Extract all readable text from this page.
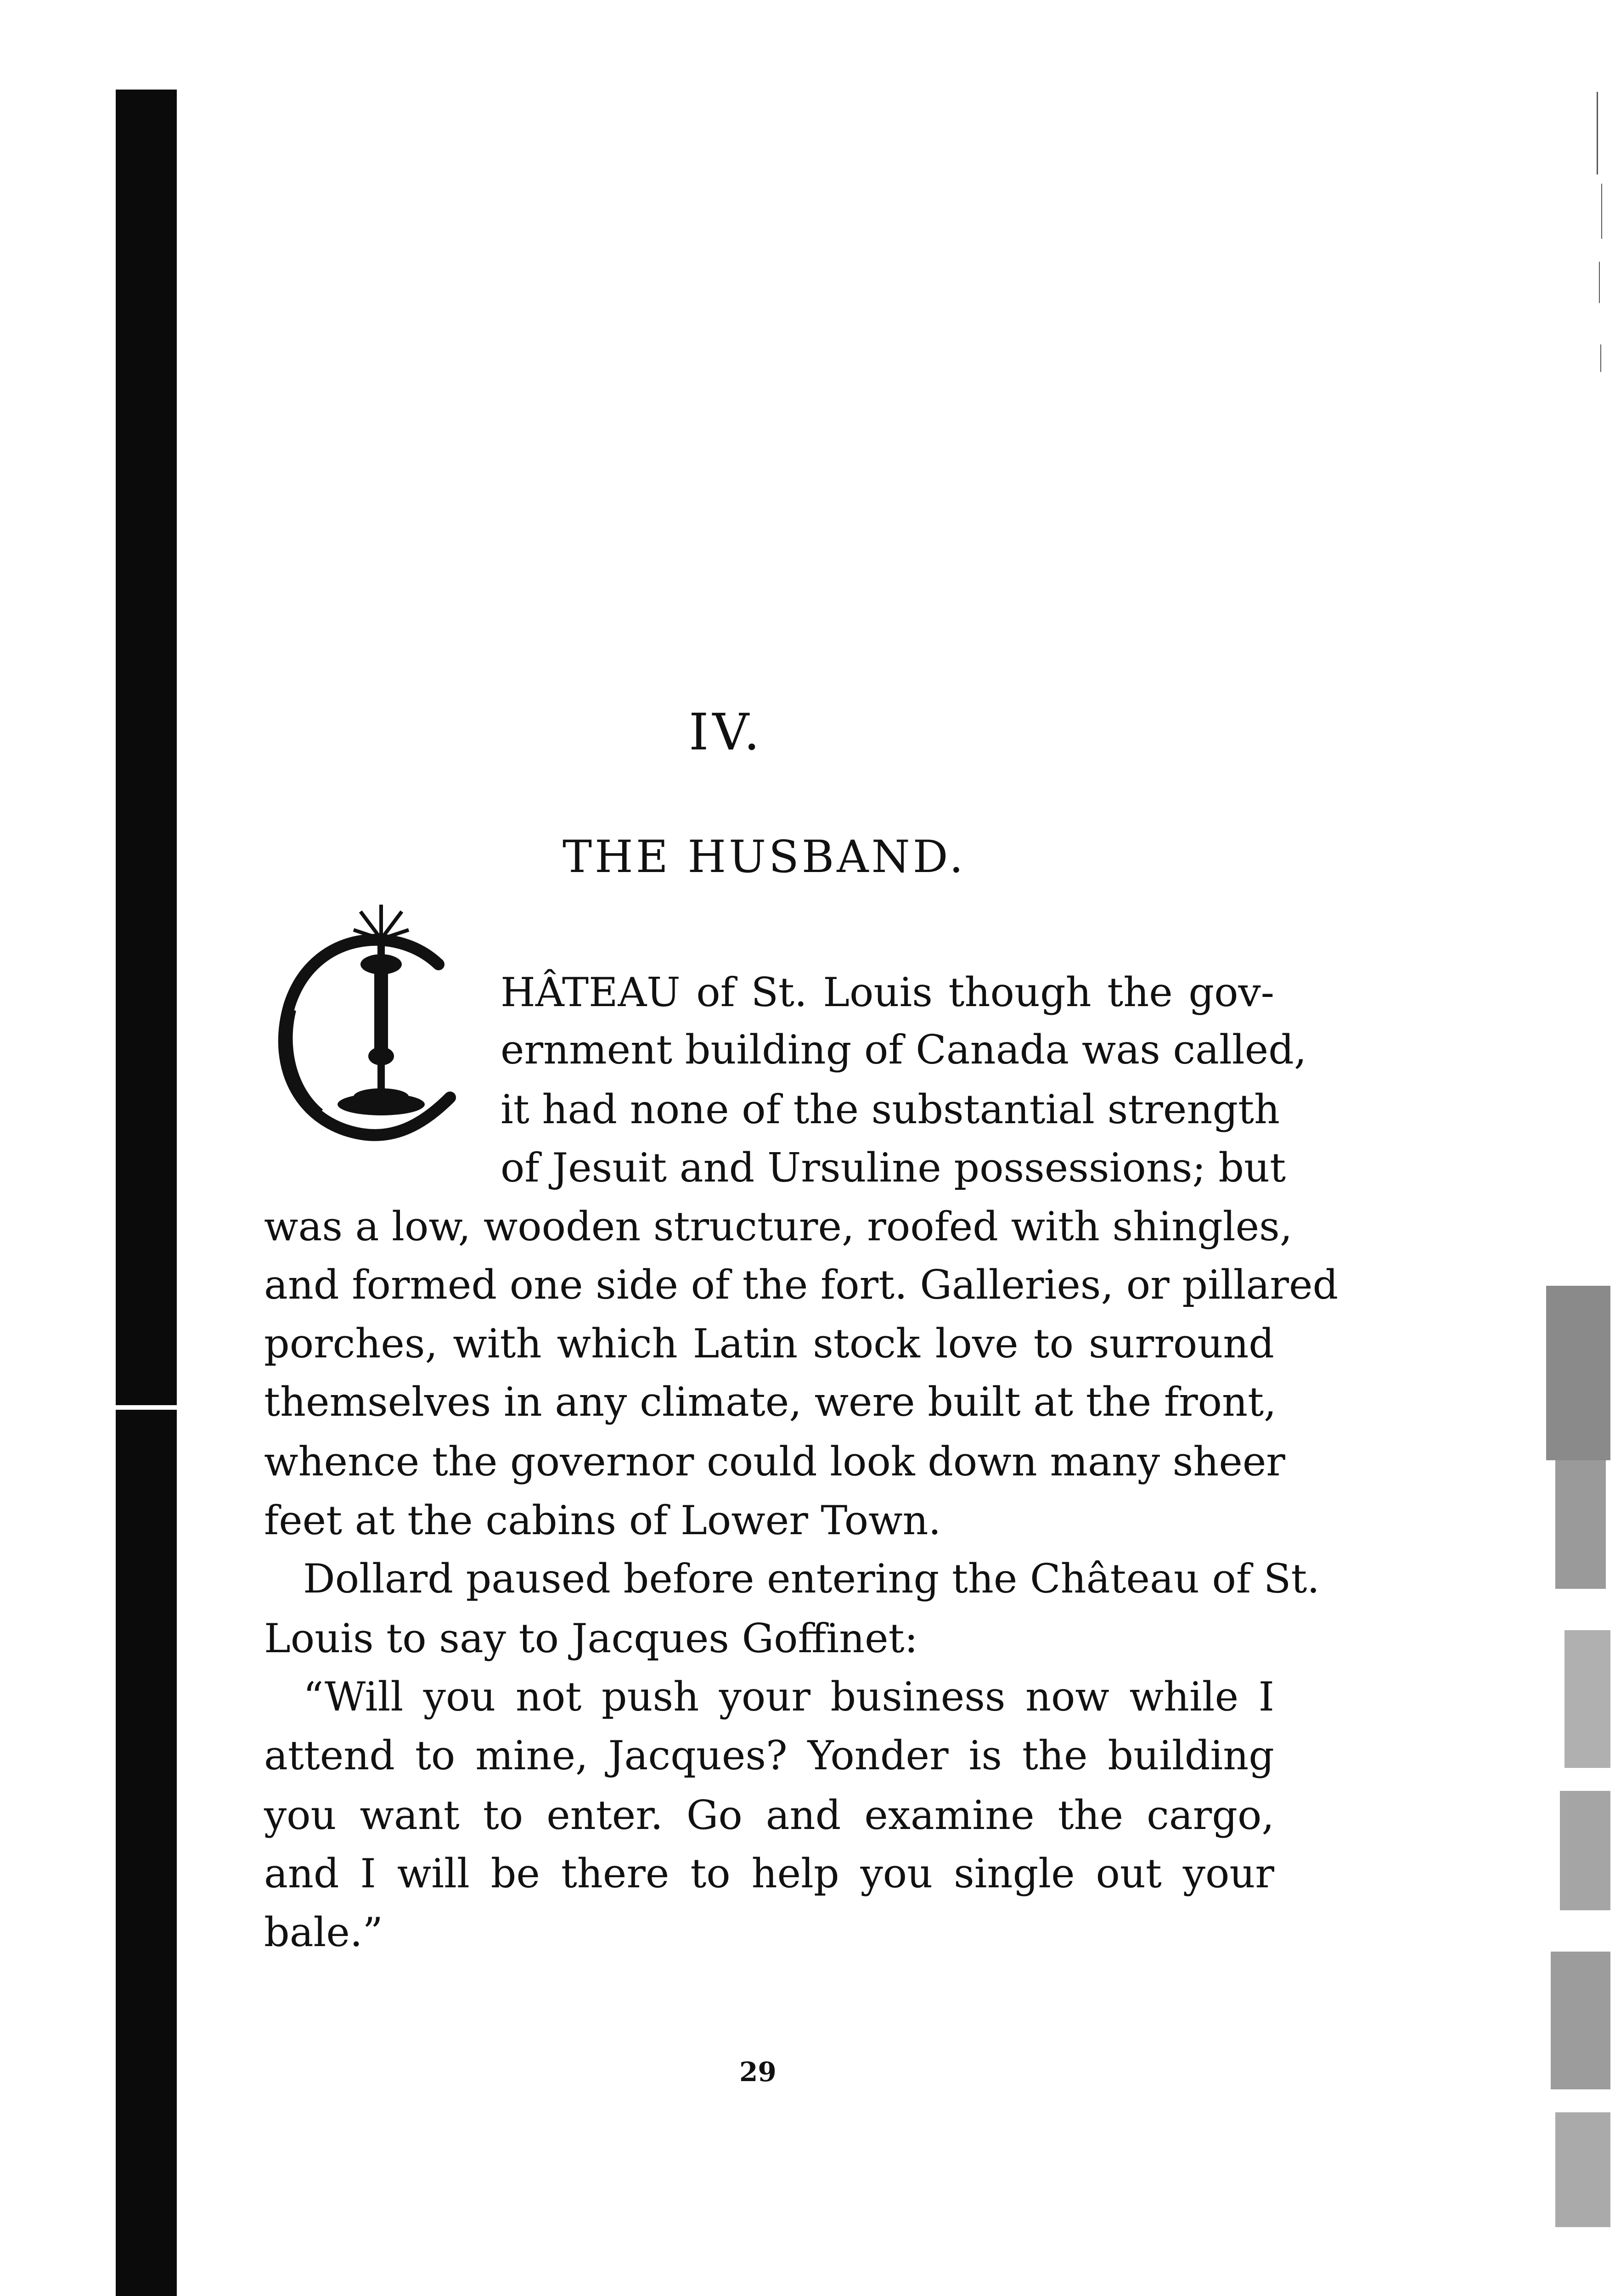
IV.
THE HUSBAND.

HÂTEAU of St. Louis though the gov-

ernment building of Canada was called,

it had none of the substantial strength

of Jesuit and Ursuline possessions; but

was a low, wooden structure, roofed with shingles,

and formed one side of the fort. Galleries, or pillared

porches, with which Latin stock love to surround

themselves in any climate, were built at the front,

whence the governor could look down many sheer

feet at the cabins of Lower Town.

Dollard paused before entering the Château of St.

Louis to say to Jacques Goffinet:

“Will you not push your business now while I

attend to mine, Jacques? Yonder is the building

you want to enter. Go and examine the cargo,

and I will be there to help you single out your

bale.”

29
